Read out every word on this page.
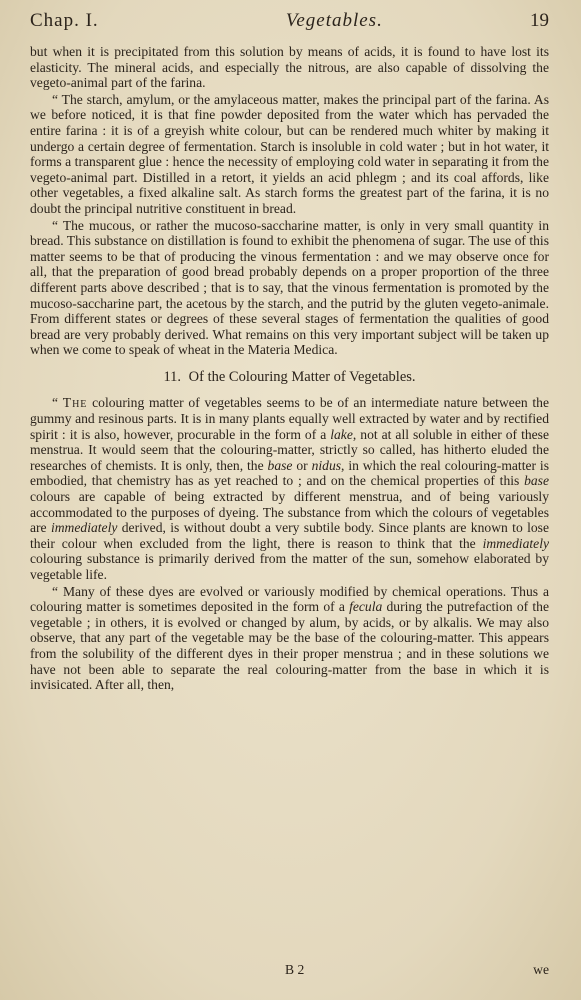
Chap. I.	Vegetables.	19

but when it is precipitated from this solution by means of acids, it is found to have lost its elasticity. The mineral acids, and especially the nitrous, are also capable of dissolving the vegeto-animal part of the farina.

“ The starch, amylum, or the amylaceous matter, makes the principal part of the farina. As we before noticed, it is that fine powder deposited from the water which has pervaded the entire farina : it is of a greyish white colour, but can be rendered much whiter by making it undergo a certain degree of fermentation. Starch is insoluble in cold water ; but in hot water, it forms a transparent glue : hence the necessity of employing cold water in separating it from the vegeto-animal part. Distilled in a retort, it yields an acid phlegm ; and its coal affords, like other vegetables, a fixed alkaline salt. As starch forms the greatest part of the farina, it is no doubt the principal nutritive constituent in bread.

“ The mucous, or rather the mucoso-saccharine matter, is only in very small quantity in bread. This substance on distillation is found to exhibit the phenomena of sugar. The use of this matter seems to be that of producing the vinous fermentation : and we may observe once for all, that the preparation of good bread probably depends on a proper proportion of the three different parts above described ; that is to say, that the vinous fermentation is promoted by the mucoso-saccharine part, the acetous by the starch, and the putrid by the gluten vegeto-animale. From different states or degrees of these several stages of fermentation the qualities of good bread are very probably derived. What remains on this very important subject will be taken up when we come to speak of wheat in the Materia Medica.

11. Of the Colouring Matter of Vegetables.

“ The colouring matter of vegetables seems to be of an intermediate nature between the gummy and resinous parts. It is in many plants equally well extracted by water and by rectified spirit : it is also, however, procurable in the form of a lake, not at all soluble in either of these menstrua. It would seem that the colouring-matter, strictly so called, has hitherto eluded the researches of chemists. It is only, then, the base or nidus, in which the real colouring-matter is embodied, that chemistry has as yet reached to ; and on the chemical properties of this base colours are capable of being extracted by different menstrua, and of being variously accommodated to the purposes of dyeing. The substance from which the colours of vegetables are immediately derived, is without doubt a very subtile body. Since plants are known to lose their colour when excluded from the light, there is reason to think that the immediately colouring substance is primarily derived from the matter of the sun, somehow elaborated by vegetable life.

“ Many of these dyes are evolved or variously modified by chemical operations. Thus a colouring matter is sometimes deposited in the form of a fecula during the putrefaction of the vegetable ; in others, it is evolved or changed by alum, by acids, or by alkalis. We may also observe, that any part of the vegetable may be the base of the colouring-matter. This appears from the solubility of the different dyes in their proper menstrua ; and in these solutions we have not been able to separate the real colouring-matter from the base in which it is invisicated. After all, then,

B 2	we
